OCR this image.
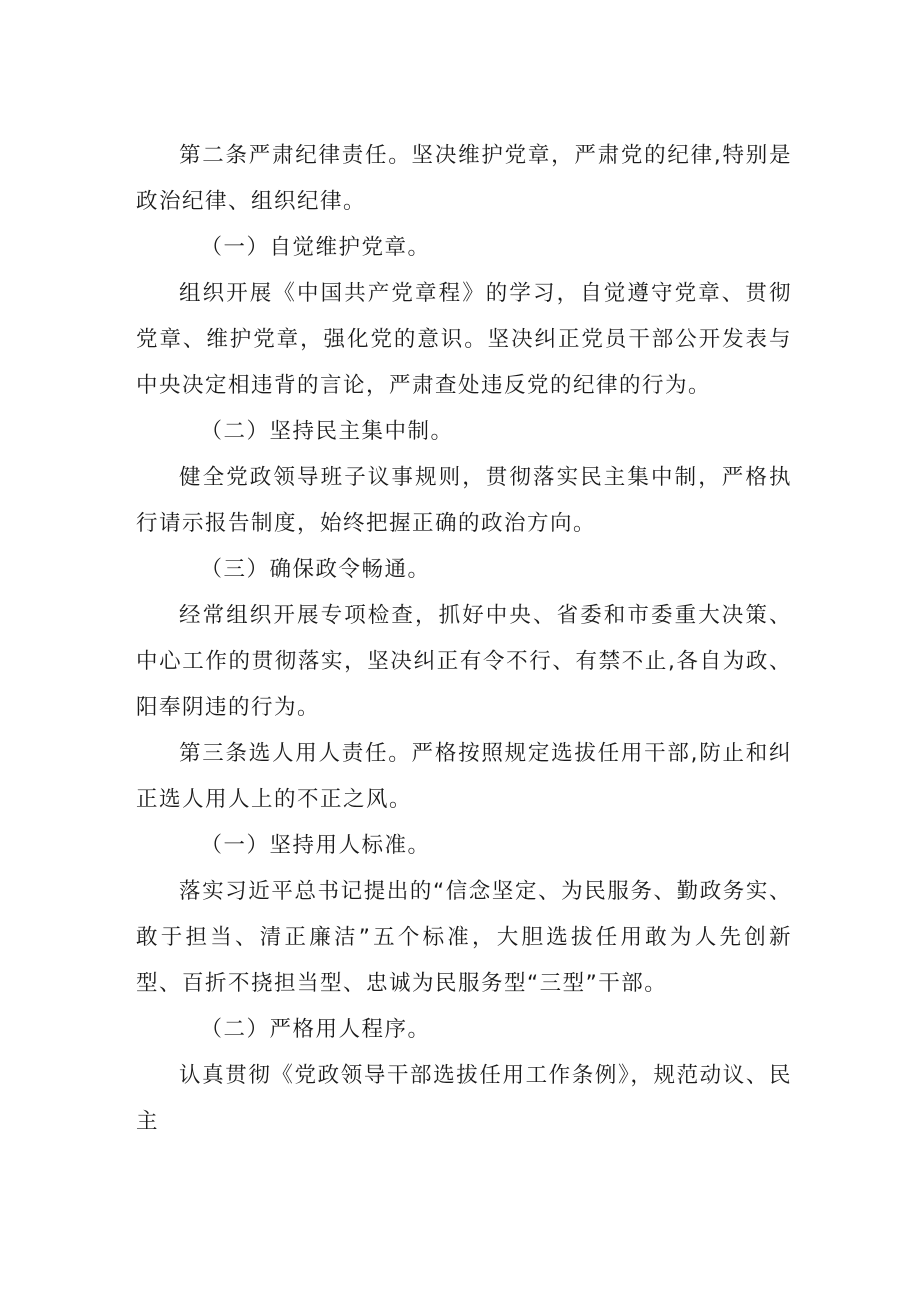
第二条严肃纪律责任。坚决维护党章，严肃党的纪律,特别是政治纪律、组织纪律。

（一）自觉维护党章。

组织开展《中国共产党章程》的学习，自觉遵守党章、贯彻党章、维护党章，强化党的意识。坚决纠正党员干部公开发表与中央决定相违背的言论，严肃查处违反党的纪律的行为。

（二）坚持民主集中制。

健全党政领导班子议事规则，贯彻落实民主集中制，严格执行请示报告制度，始终把握正确的政治方向。

（三）确保政令畅通。

经常组织开展专项检查，抓好中央、省委和市委重大决策、中心工作的贯彻落实，坚决纠正有令不行、有禁不止,各自为政、阳奉阴违的行为。

第三条选人用人责任。严格按照规定选拔任用干部,防止和纠正选人用人上的不正之风。

（一）坚持用人标准。

落实习近平总书记提出的“信念坚定、为民服务、勤政务实、敢于担当、清正廉洁”五个标准，大胆选拔任用敢为人先创新型、百折不挠担当型、忠诚为民服务型“三型”干部。

（二）严格用人程序。

认真贯彻《党政领导干部选拔任用工作条例》，规范动议、民主
